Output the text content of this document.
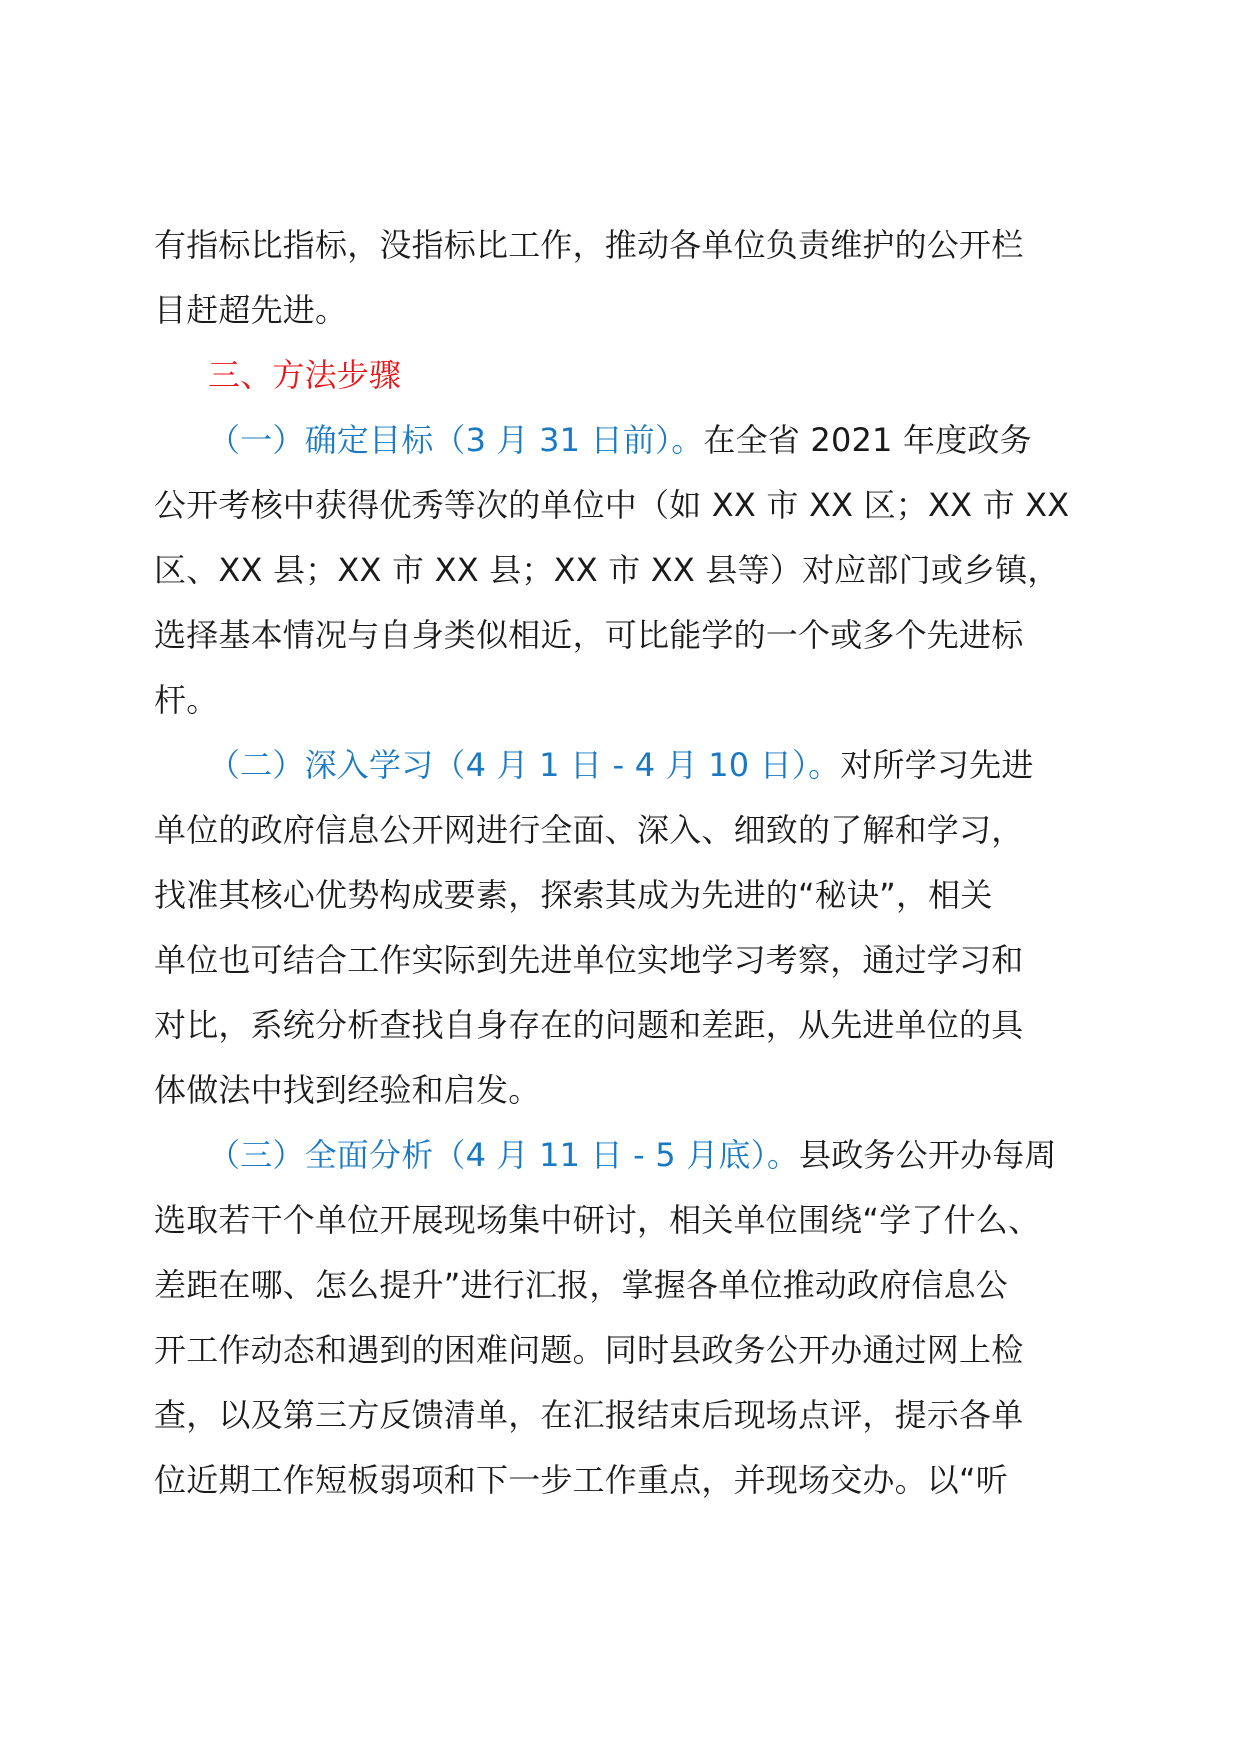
有指标比指标，没指标比工作，推动各单位负责维护的公开栏
目赶超先进。
三、方法步骤
（一）确定目标（3 月 31 日前）。在全省 2021 年度政务
公开考核中获得优秀等次的单位中（如 XX 市 XX 区；XX 市 XX
区、XX 县；XX 市 XX 县；XX 市 XX 县等）对应部门或乡镇，
选择基本情况与自身类似相近，可比能学的一个或多个先进标
杆。
（二）深入学习（4 月 1 日 - 4 月 10 日）。对所学习先进
单位的政府信息公开网进行全面、深入、细致的了解和学习，
找准其核心优势构成要素，探索其成为先进的“秘诀”，相关
单位也可结合工作实际到先进单位实地学习考察，通过学习和
对比，系统分析查找自身存在的问题和差距，从先进单位的具
体做法中找到经验和启发。
（三）全面分析（4 月 11 日 - 5 月底）。县政务公开办每周
选取若干个单位开展现场集中研讨，相关单位围绕“学了什么、
差距在哪、怎么提升”进行汇报，掌握各单位推动政府信息公
开工作动态和遇到的困难问题。同时县政务公开办通过网上检
查，以及第三方反馈清单，在汇报结束后现场点评，提示各单
位近期工作短板弱项和下一步工作重点，并现场交办。以“听
